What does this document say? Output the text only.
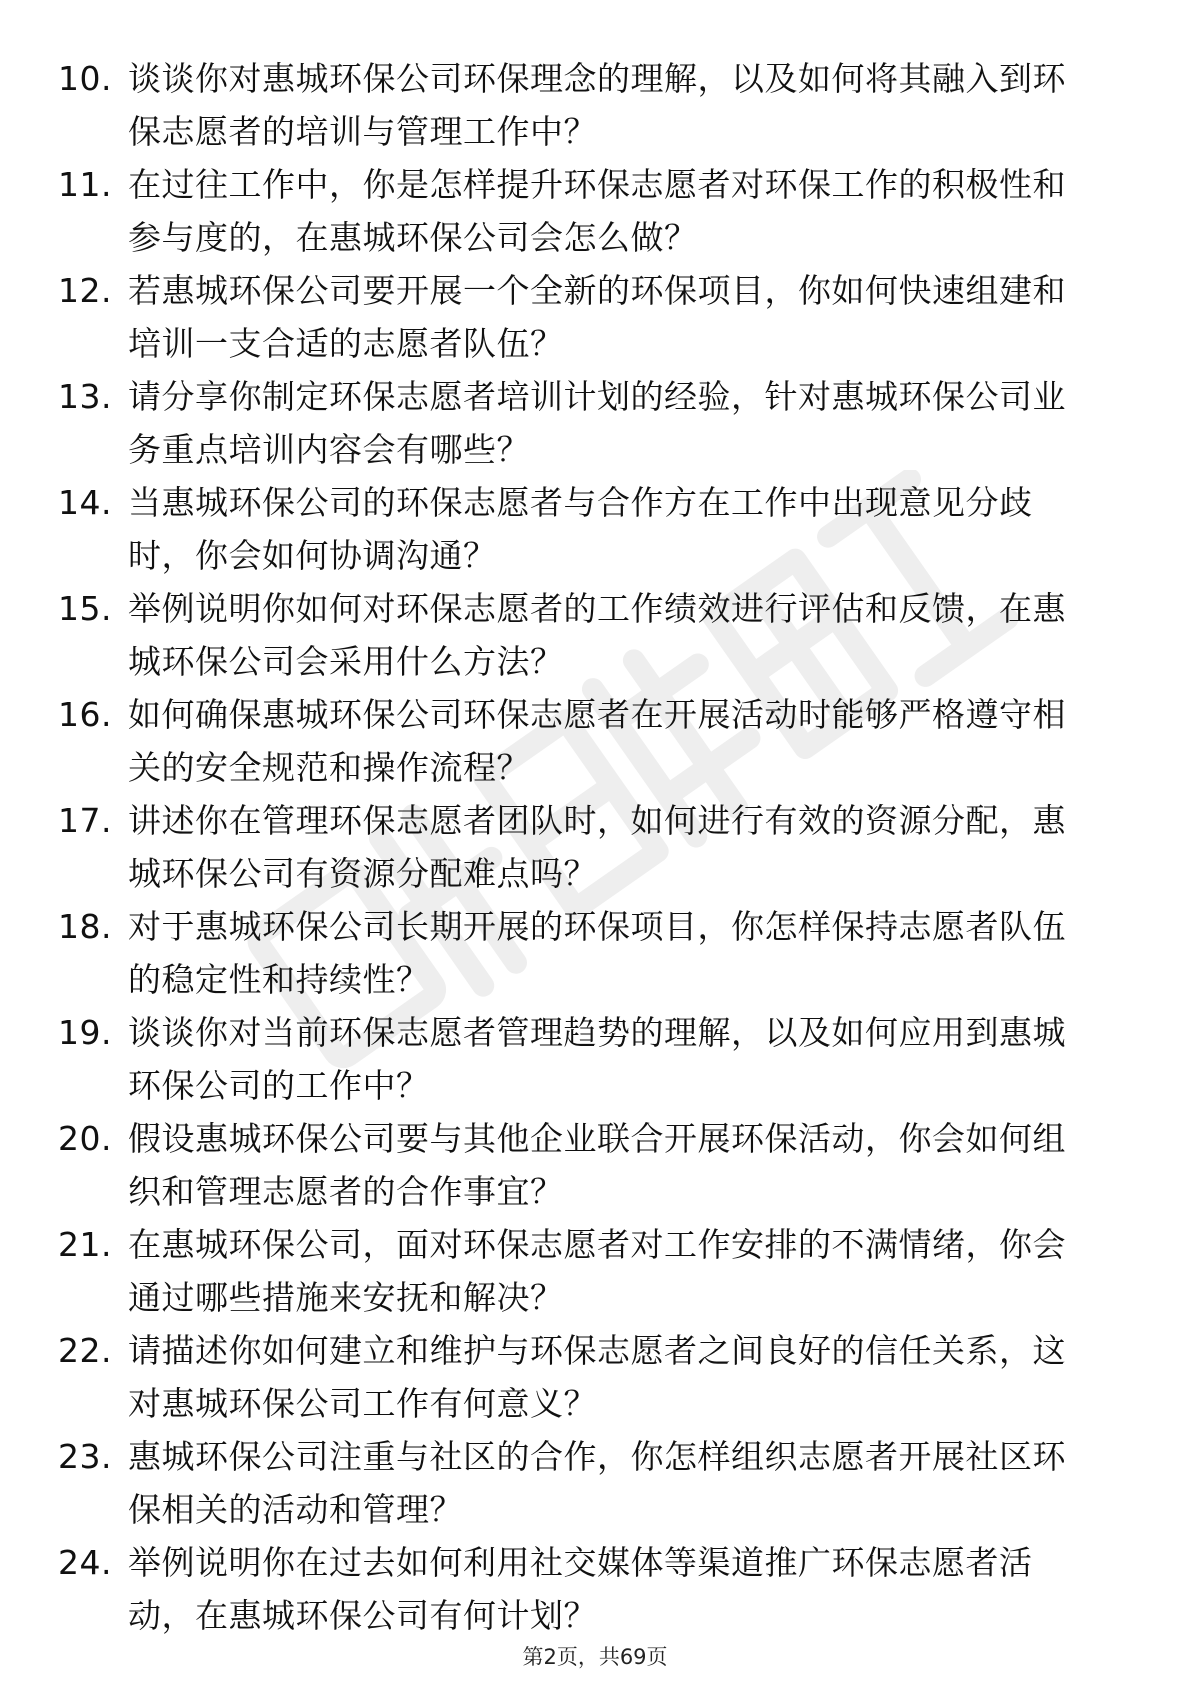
10. 谈谈你对惠城环保公司环保理念的理解，以及如何将其融入到环
保志愿者的培训与管理工作中？
11. 在过往工作中，你是怎样提升环保志愿者对环保工作的积极性和
参与度的，在惠城环保公司会怎么做？
12. 若惠城环保公司要开展一个全新的环保项目，你如何快速组建和
培训一支合适的志愿者队伍？
13. 请分享你制定环保志愿者培训计划的经验，针对惠城环保公司业
务重点培训内容会有哪些？
14. 当惠城环保公司的环保志愿者与合作方在工作中出现意见分歧
时，你会如何协调沟通？
15. 举例说明你如何对环保志愿者的工作绩效进行评估和反馈，在惠
城环保公司会采用什么方法？
16. 如何确保惠城环保公司环保志愿者在开展活动时能够严格遵守相
关的安全规范和操作流程？
17. 讲述你在管理环保志愿者团队时，如何进行有效的资源分配，惠
城环保公司有资源分配难点吗？
18. 对于惠城环保公司长期开展的环保项目，你怎样保持志愿者队伍
的稳定性和持续性？
19. 谈谈你对当前环保志愿者管理趋势的理解，以及如何应用到惠城
环保公司的工作中？
20. 假设惠城环保公司要与其他企业联合开展环保活动，你会如何组
织和管理志愿者的合作事宜？
21. 在惠城环保公司，面对环保志愿者对工作安排的不满情绪，你会
通过哪些措施来安抚和解决？
22. 请描述你如何建立和维护与环保志愿者之间良好的信任关系，这
对惠城环保公司工作有何意义？
23. 惠城环保公司注重与社区的合作，你怎样组织志愿者开展社区环
保相关的活动和管理？
24. 举例说明你在过去如何利用社交媒体等渠道推广环保志愿者活
动，在惠城环保公司有何计划？
第2页，共69页
